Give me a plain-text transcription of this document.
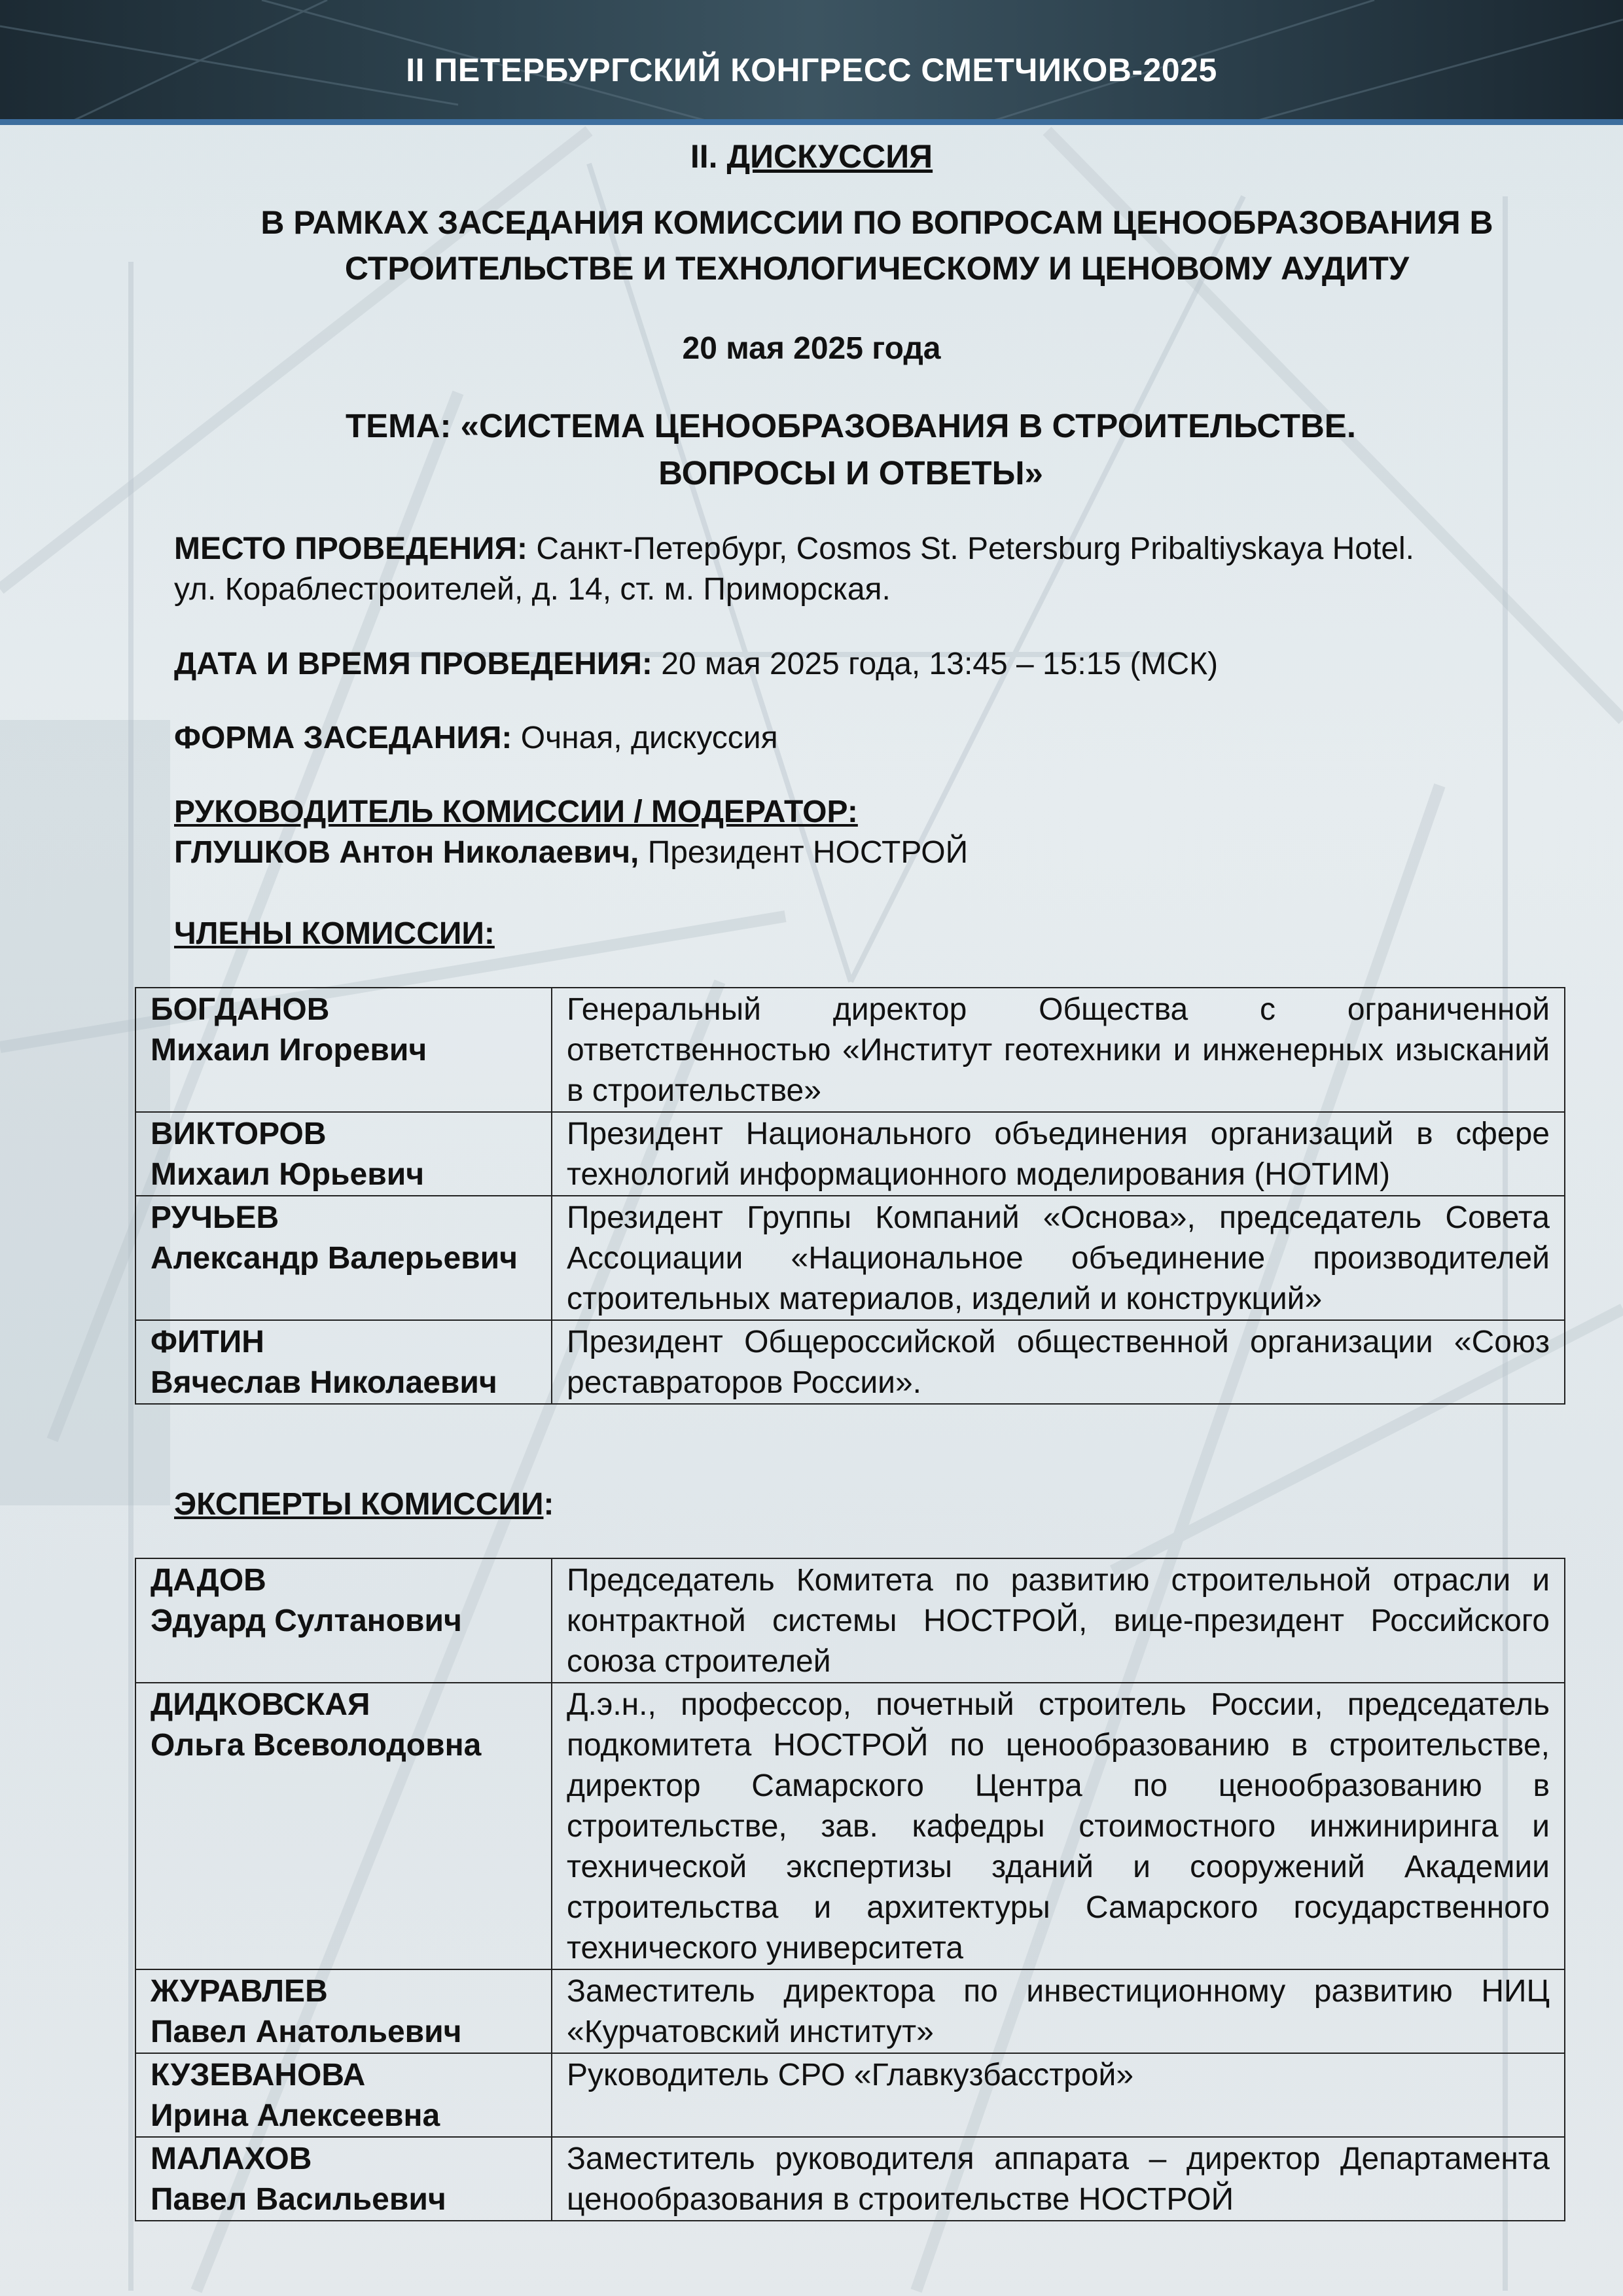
II ПЕТЕРБУРГСКИЙ КОНГРЕСС СМЕТЧИКОВ-2025
II. ДИСКУССИЯ
В РАМКАХ ЗАСЕДАНИЯ КОМИССИИ ПО ВОПРОСАМ ЦЕНООБРАЗОВАНИЯ В
СТРОИТЕЛЬСТВЕ И ТЕХНОЛОГИЧЕСКОМУ И ЦЕНОВОМУ АУДИТУ
20 мая 2025 года
ТЕМА: «СИСТЕМА ЦЕНООБРАЗОВАНИЯ В СТРОИТЕЛЬСТВЕ.
ВОПРОСЫ И ОТВЕТЫ»
МЕСТО ПРОВЕДЕНИЯ: Санкт-Петербург, Cosmos St. Petersburg Pribaltiyskaya Hotel.
ул. Кораблестроителей, д. 14, ст. м. Приморская.
ДАТА И ВРЕМЯ ПРОВЕДЕНИЯ: 20 мая 2025 года, 13:45 – 15:15 (МСК)
ФОРМА ЗАСЕДАНИЯ: Очная, дискуссия
РУКОВОДИТЕЛЬ КОМИССИИ / МОДЕРАТОР:
ГЛУШКОВ Антон Николаевич, Президент НОСТРОЙ
ЧЛЕНЫ КОМИССИИ:
БОГДАНОВ
Михаил Игоревич	Генеральный директор Общества с ограниченной ответственностью «Институт геотехники и инженерных изысканий в строительстве»

ВИКТОРОВ
Михаил Юрьевич	Президент Национального объединения организаций в сфере технологий информационного моделирования (НОТИМ)

РУЧЬЕВ
Александр Валерьевич	Президент Группы Компаний «Основа», председатель Совета Ассоциации «Национальное объединение производителей строительных материалов, изделий и конструкций»

ФИТИН
Вячеслав Николаевич	Президент Общероссийской общественной организации «Союз реставраторов России».
ЭКСПЕРТЫ КОМИССИИ:
ДАДОВ
Эдуард Султанович	Председатель Комитета по развитию строительной отрасли и контрактной системы НОСТРОЙ, вице-президент Российского союза строителей

ДИДКОВСКАЯ
Ольга Всеволодовна	Д.э.н., профессор, почетный строитель России, председатель подкомитета НОСТРОЙ по ценообразованию в строительстве, директор Самарского Центра по ценообразованию в строительстве, зав. кафедры стоимостного инжиниринга и технической экспертизы зданий и сооружений Академии строительства и архитектуры Самарского государственного технического университета

ЖУРАВЛЕВ
Павел Анатольевич	Заместитель директора по инвестиционному развитию НИЦ «Курчатовский институт»

КУЗЕВАНОВА
Ирина Алексеевна	Руководитель СРО «Главкузбасстрой»

МАЛАХОВ
Павел Васильевич	Заместитель руководителя аппарата – директор Департамента ценообразования в строительстве НОСТРОЙ
